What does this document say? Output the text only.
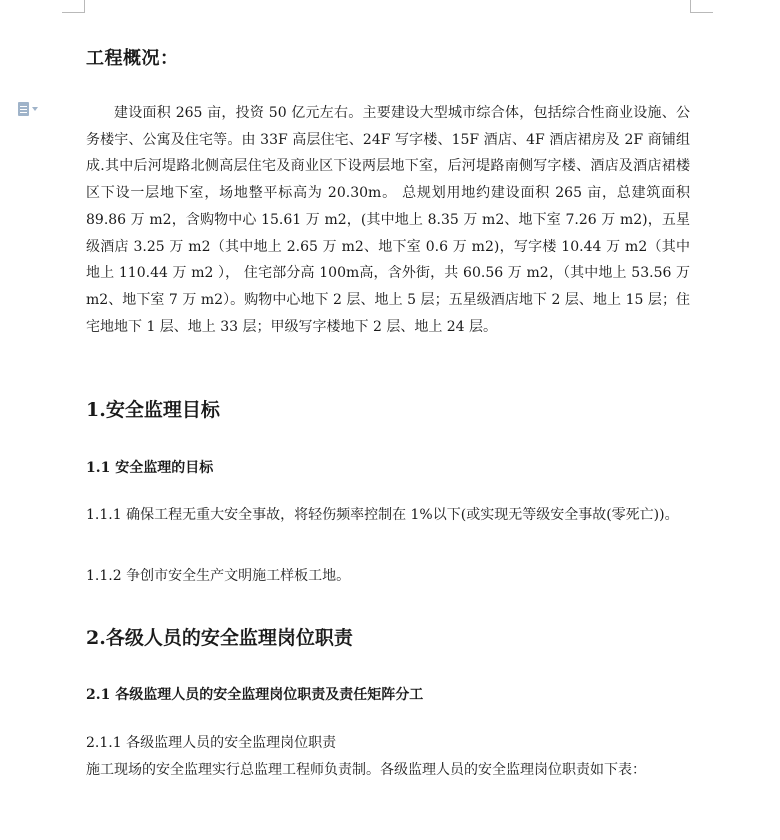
工程概况：
建设面积 265 亩，投资 50 亿元左右。主要建设大型城市综合体，包括综合性商业设施、公务楼宇、公寓及住宅等。由 33F 高层住宅、24F 写字楼、15F 酒店、4F 酒店裙房及 2F 商铺组成.其中后河堤路北侧高层住宅及商业区下设两层地下室，后河堤路南侧写字楼、酒店及酒店裙楼区下设一层地下室，场地整平标高为 20.30m。 总规划用地约建设面积 265 亩，总建筑面积 89.86 万 m2，含购物中心 15.61 万 m2，(其中地上 8.35 万 m2、地下室 7.26 万 m2)，五星级酒店 3.25 万 m2（其中地上 2.65 万 m2、地下室 0.6 万 m2)，写字楼 10.44 万 m2（其中地上 110.44 万 m2 ）， 住宅部分高 100m高，含外街，共 60.56 万 m2，（其中地上 53.56 万 m2、地下室 7 万 m2）。购物中心地下 2 层、地上 5 层；五星级酒店地下 2 层、地上 15 层；住宅地地下 1 层、地上 33 层；甲级写字楼地下 2 层、地上 24 层。
1.安全监理目标
1.1 安全监理的目标
1.1.1 确保工程无重大安全事故，将轻伤频率控制在 1%以下(或实现无等级安全事故(零死亡))。
1.1.2 争创市安全生产文明施工样板工地。
2.各级人员的安全监理岗位职责
2.1 各级监理人员的安全监理岗位职责及责任矩阵分工
2.1.1 各级监理人员的安全监理岗位职责
施工现场的安全监理实行总监理工程师负责制。各级监理人员的安全监理岗位职责如下表：
